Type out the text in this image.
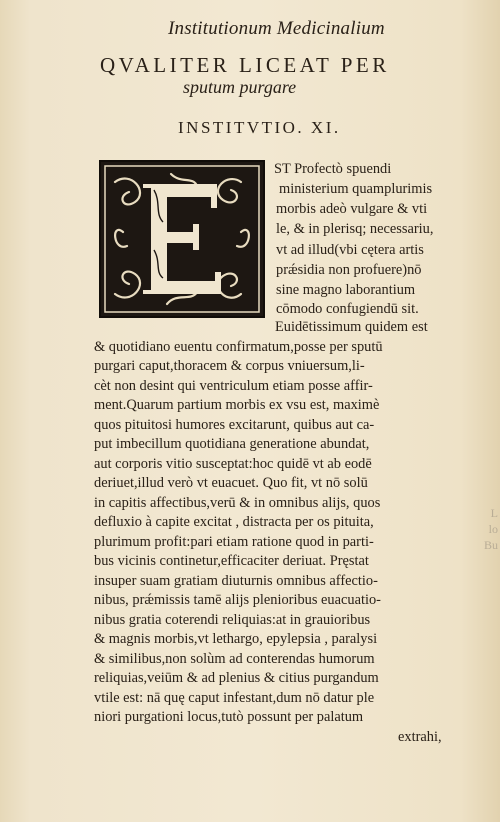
Institutionum Medicinalium
QVALITER LICEAT PER
sputum purgare
INSTITVTIO. XI.
ST Profectò spuendi
ministerium quamplurimis
morbis adeò vulgare & vti
le, & in plerisq; necessariu,
vt ad illud(vbi cętera artis
prǽsidia non profuere)nō
sine magno laborantium
cōmodo confugiendū sit.
Euidētissimum quidem est
& quotidiano euentu confirmatum,posse per sputū
purgari caput,thoracem & corpus vniuersum,li-
cèt non desint qui ventriculum etiam posse affir-
ment.Quarum partium morbis ex vsu est, maximè
quos pituitosi humores excitarunt, quibus aut ca-
put imbecillum quotidiana generatione abundat,
aut corporis vitio susceptat:hoc quidē vt ab eodē
deriuet,illud verò vt euacuet. Quo fit, vt nō solū
in capitis affectibus,verū & in omnibus alijs, quos
defluxio à capite excitat , distracta per os pituita,
plurimum profit:pari etiam ratione quod in parti-
bus vicinis continetur,efficaciter deriuat. Pręstat
insuper suam gratiam diuturnis omnibus affectio-
nibus, prǽmissis tamē alijs plenioribus euacuatio-
nibus gratia coterendi reliquias:at in grauioribus
& magnis morbis,vt lethargo, epylepsia , paralysi
& similibus,non solùm ad conterendas humorum
reliquias,veiūm & ad plenius & citius purgandum
vtile est: nā quę caput infestant,dum nō datur ple
niori purgationi locus,tutò possunt per palatum
extrahi,
L
lo
Bu
